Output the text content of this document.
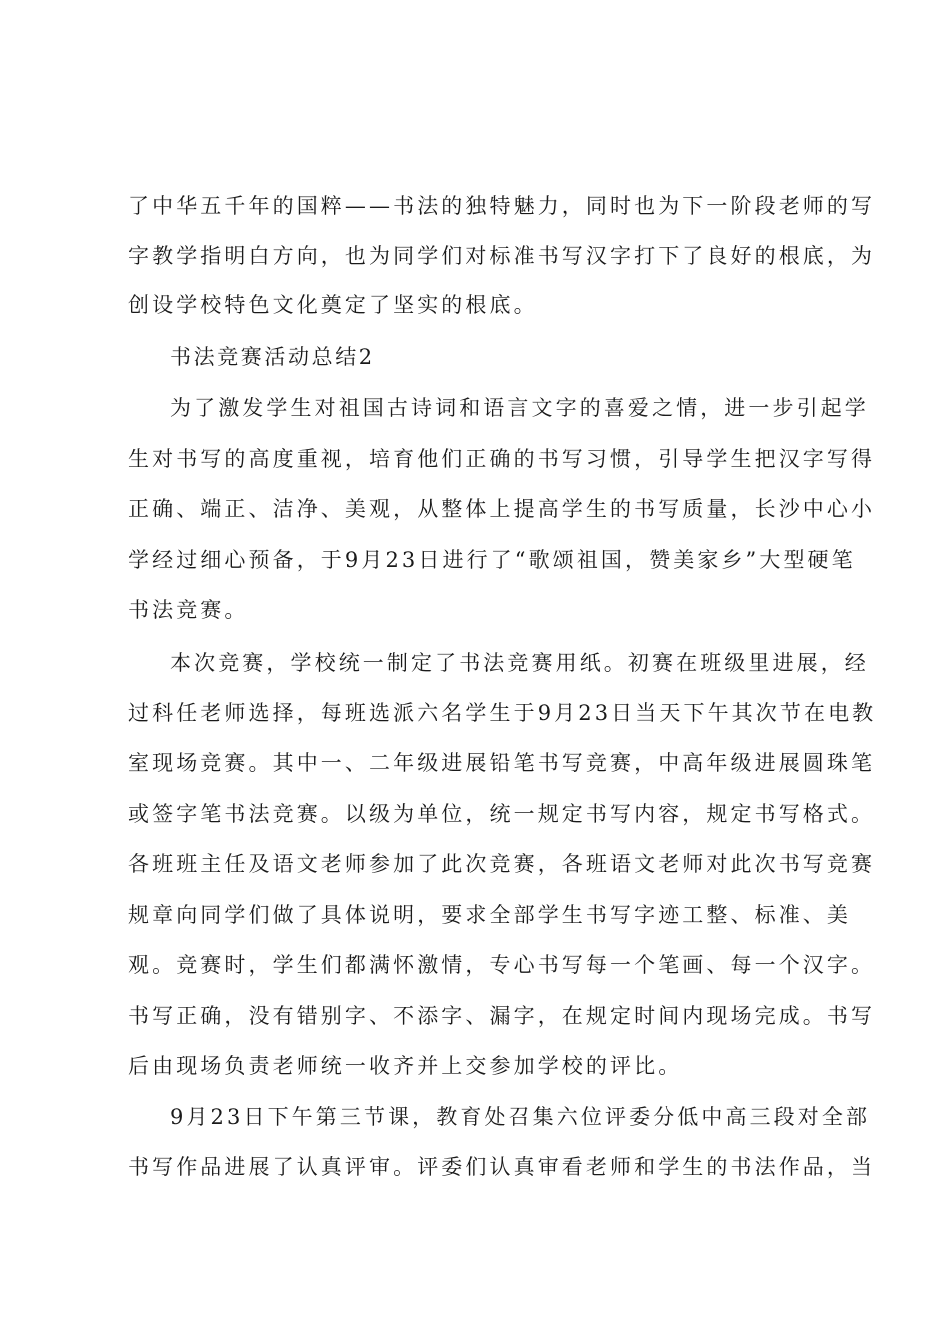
了中华五千年的国粹——书法的独特魅力，同时也为下一阶段老师的写
字教学指明白方向，也为同学们对标准书写汉字打下了良好的根底，为
创设学校特色文化奠定了坚实的根底。
书法竞赛活动总结2
为了激发学生对祖国古诗词和语言文字的喜爱之情，进一步引起学
生对书写的高度重视，培育他们正确的书写习惯，引导学生把汉字写得
正确、端正、洁净、美观，从整体上提高学生的书写质量，长沙中心小
学经过细心预备，于9月23日进行了“歌颂祖国，赞美家乡”大型硬笔
书法竞赛。
本次竞赛，学校统一制定了书法竞赛用纸。初赛在班级里进展，经
过科任老师选择，每班选派六名学生于9月23日当天下午其次节在电教
室现场竞赛。其中一、二年级进展铅笔书写竞赛，中高年级进展圆珠笔
或签字笔书法竞赛。以级为单位，统一规定书写内容，规定书写格式。
各班班主任及语文老师参加了此次竞赛，各班语文老师对此次书写竞赛
规章向同学们做了具体说明，要求全部学生书写字迹工整、标准、美
观。竞赛时，学生们都满怀激情，专心书写每一个笔画、每一个汉字。
书写正确，没有错别字、不添字、漏字，在规定时间内现场完成。书写
后由现场负责老师统一收齐并上交参加学校的评比。
9月23日下午第三节课，教育处召集六位评委分低中高三段对全部
书写作品进展了认真评审。评委们认真审看老师和学生的书法作品，当
